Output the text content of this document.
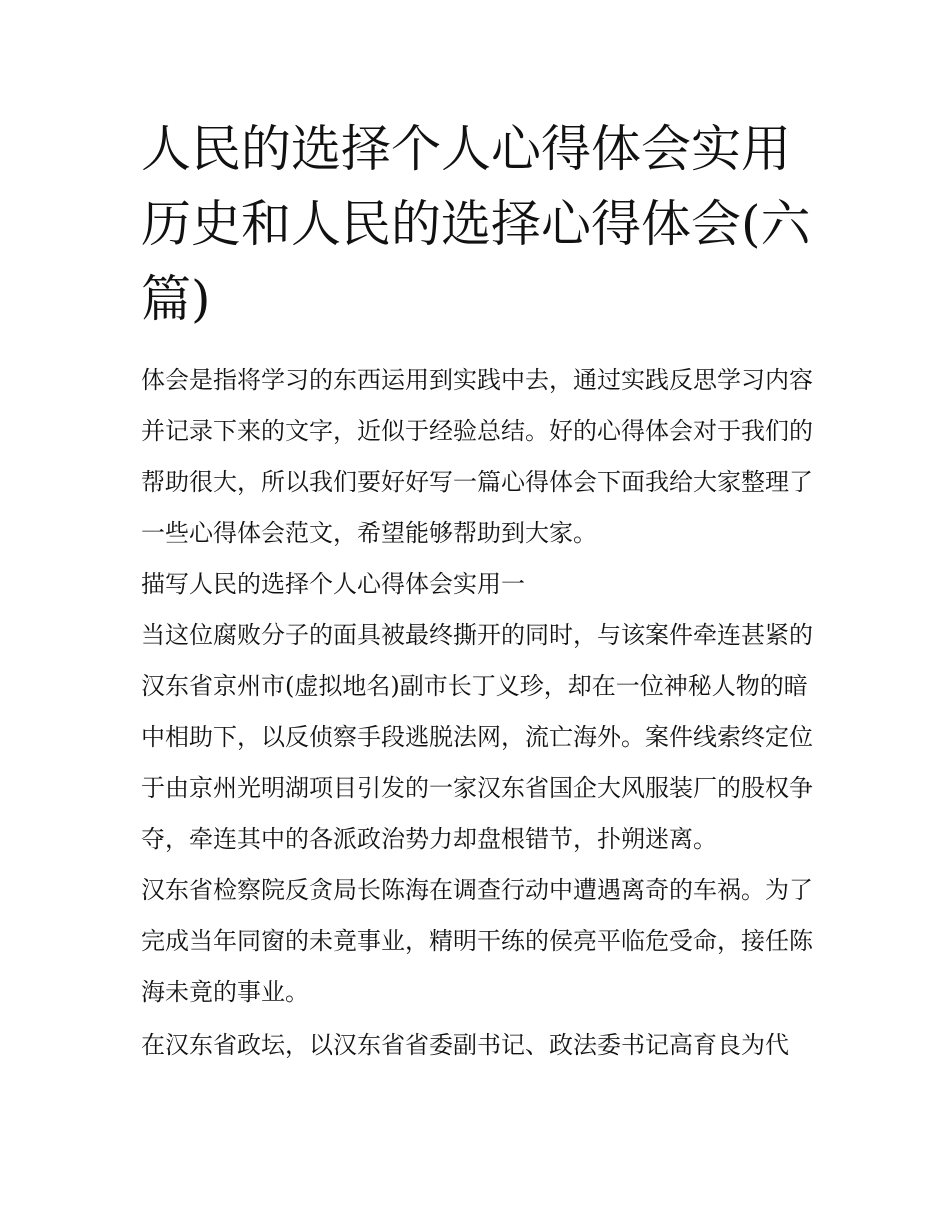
人民的选择个人心得体会实用历史和人民的选择心得体会(六篇)

体会是指将学习的东西运用到实践中去，通过实践反思学习内容并记录下来的文字，近似于经验总结。好的心得体会对于我们的帮助很大，所以我们要好好写一篇心得体会下面我给大家整理了一些心得体会范文，希望能够帮助到大家。

描写人民的选择个人心得体会实用一

当这位腐败分子的面具被最终撕开的同时，与该案件牵连甚紧的汉东省京州市(虚拟地名)副市长丁义珍，却在一位神秘人物的暗中相助下，以反侦察手段逃脱法网，流亡海外。案件线索终定位于由京州光明湖项目引发的一家汉东省国企大风服装厂的股权争夺，牵连其中的各派政治势力却盘根错节，扑朔迷离。

汉东省检察院反贪局长陈海在调查行动中遭遇离奇的车祸。为了完成当年同窗的未竟事业，精明干练的侯亮平临危受命，接任陈海未竟的事业。

在汉东省政坛，以汉东省省委副书记、政法委书记高育良为代
